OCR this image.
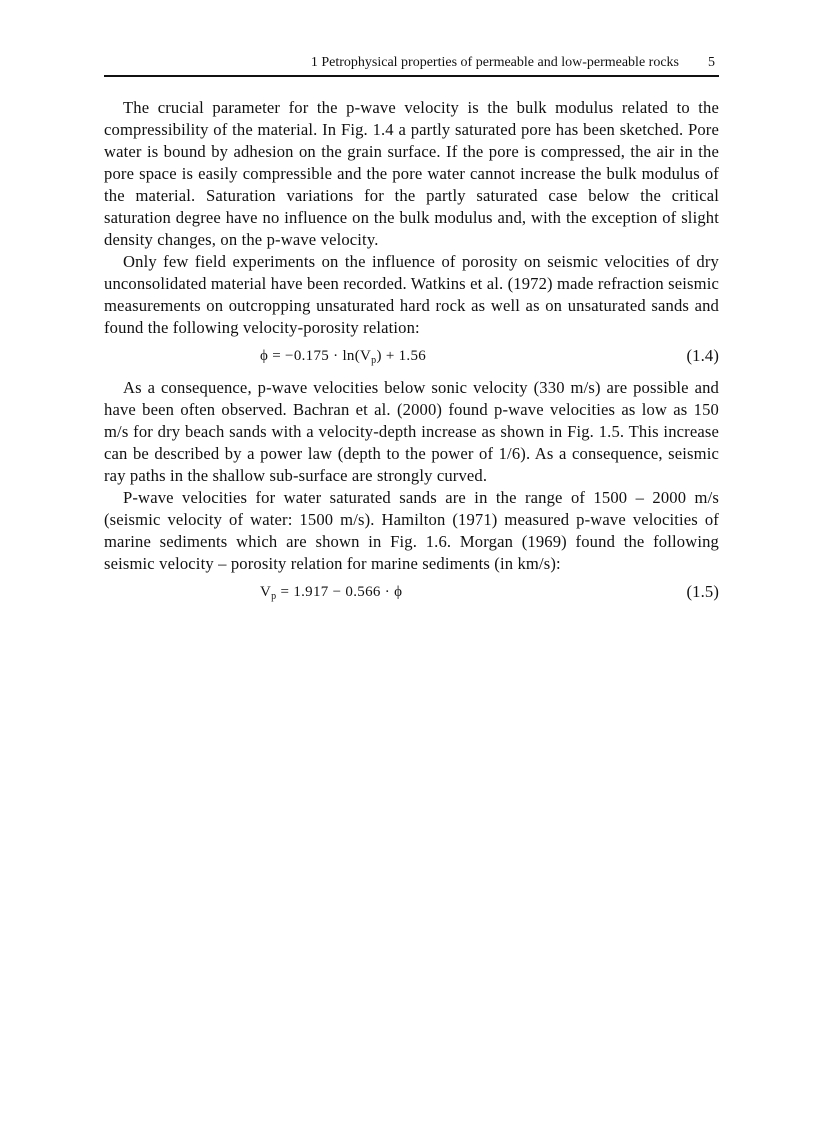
1 Petrophysical properties of permeable and low-permeable rocks 5

The crucial parameter for the p-wave velocity is the bulk modulus related to the compressibility of the material. In Fig. 1.4 a partly saturated pore has been sketched. Pore water is bound by adhesion on the grain surface. If the pore is compressed, the air in the pore space is easily compressible and the pore water cannot increase the bulk modulus of the material. Saturation variations for the partly saturated case below the critical saturation degree have no influence on the bulk modulus and, with the exception of slight density changes, on the p-wave velocity.

Only few field experiments on the influence of porosity on seismic velocities of dry unconsolidated material have been recorded. Watkins et al. (1972) made refraction seismic measurements on outcropping unsaturated hard rock as well as on unsaturated sands and found the following velocity-porosity relation:

$\phi = -0.175 \cdot \ln(V_p) + 1.56$	(1.4)

As a consequence, p-wave velocities below sonic velocity (330 m/s) are possible and have been often observed. Bachran et al. (2000) found p-wave velocities as low as 150 m/s for dry beach sands with a velocity-depth increase as shown in Fig. 1.5. This increase can be described by a power law (depth to the power of 1/6). As a consequence, seismic ray paths in the shallow sub-surface are strongly curved.

P-wave velocities for water saturated sands are in the range of 1500 – 2000 m/s (seismic velocity of water: 1500 m/s). Hamilton (1971) measured p-wave velocities of marine sediments which are shown in Fig. 1.6. Morgan (1969) found the following seismic velocity – porosity relation for marine sediments (in km/s):

$V_p = 1.917 - 0.566 \cdot \phi$	(1.5)
